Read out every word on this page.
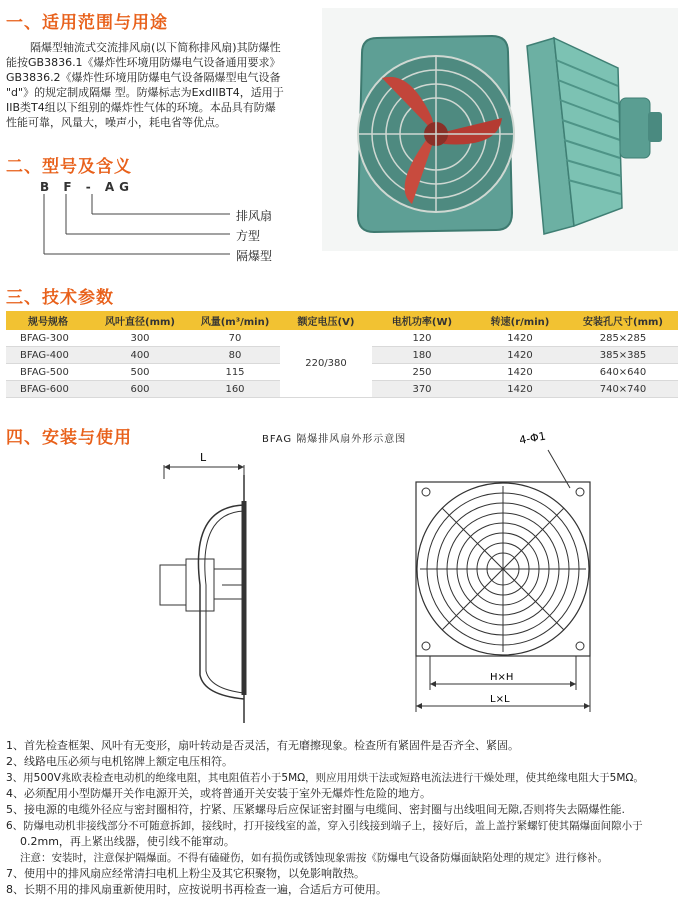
一、适用范围与用途
隔爆型轴流式交流排风扇(以下简称排风扇)其防爆性
能按GB3836.1《爆炸性环境用防爆电气设备通用要求》
GB3836.2《爆炸性环境用防爆电气设备隔爆型电气设备
"d"》的规定制成隔爆 型。防爆标志为ExdIIBT4，适用于
IIB类T4组以下组别的爆炸性气体的环境。本品具有防爆
性能可靠，风量大，噪声小，耗电省等优点。
二、型号及含义
B F - AG
排风扇
方型
隔爆型
三、技术参数
规号规格	风叶直径(mm)	风量(m³/min)	额定电压(V)	电机功率(W)	转速(r/min)	安装孔尺寸(mm)
BFAG-300	300	70	220/380	120	1420	285×285
BFAG-400	400	80		180	1420	385×385
BFAG-500	500	115		250	1420	640×640
BFAG-600	600	160		370	1420	740×740
四、安装与使用	BFAG 隔爆排风扇外形示意图
L
4-Φ1
H×H
L×L
1、首先检查框架、风叶有无变形，扇叶转动是否灵活，有无磨擦现象。检查所有紧固件是否齐全、紧固。
2、线路电压必须与电机铭牌上额定电压相符。
3、用500V兆欧表检查电动机的绝缘电阻，其电阻值若小于5MΩ，则应用用烘干法或短路电流法进行干燥处理，使其绝缘电阻大于5MΩ。
4、必须配用小型防爆开关作电源开关，或将普通开关安装于室外无爆炸性危险的地方。
5、接电源的电缆外径应与密封圈相符，拧紧、压紧螺母后应保证密封圈与电缆间、密封圈与出线咀间无隙,否则将失去隔爆性能.
6、防爆电动机非接线部分不可随意拆卸，接线时，打开接线室的盖，穿入引线接到端子上，接好后，盖上盖拧紧螺钉使其隔爆面间隙小于
0.2mm，再上紧出线器，使引线不能窜动。
注意：安装时，注意保护隔爆面。不得有磕碰伤，如有损伤或锈蚀现象需按《防爆电气设备防爆面缺陷处理的规定》进行修补。
7、使用中的排风扇应经常清扫电机上粉尘及其它积聚物，以免影响散热。
8、长期不用的排风扇重新使用时，应按说明书再检查一遍，合适后方可使用。
